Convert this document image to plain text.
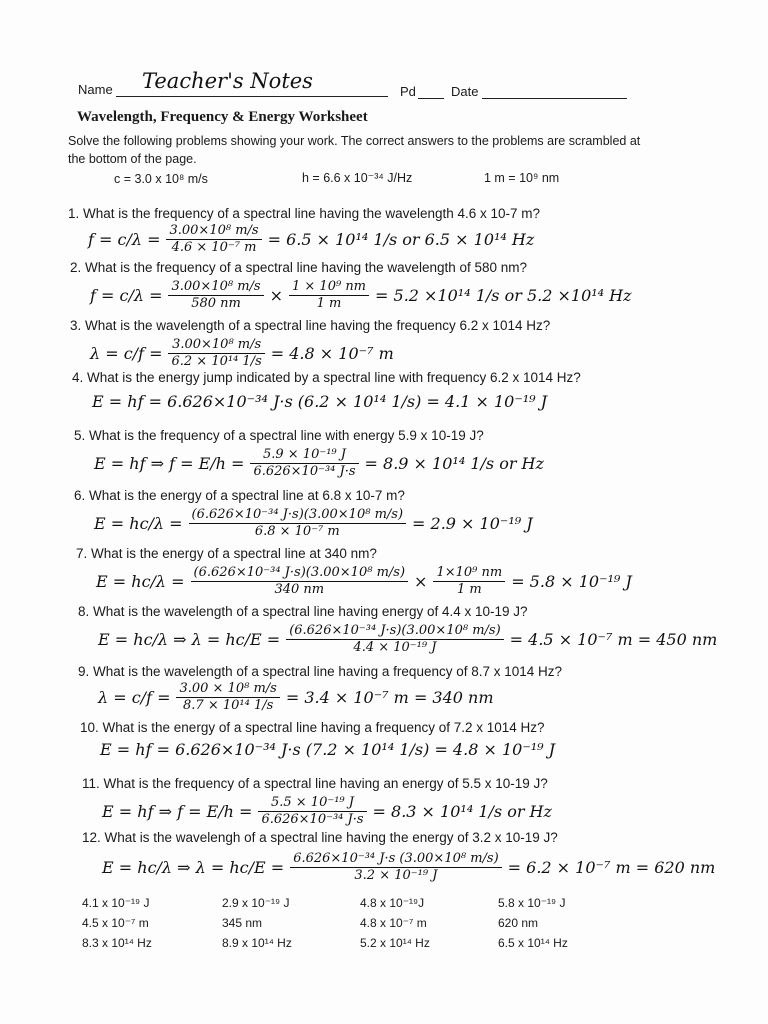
Name Teacher's Notes	Pd	Date
Wavelength, Frequency & Energy Worksheet
Solve the following problems showing your work. The correct answers to the problems are scrambled at
the bottom of the page.
c = 3.0 x 10⁸ m/s	h = 6.6 x 10⁻³⁴ J/Hz	1 m = 10⁹ nm
1. What is the frequency of a spectral line having the wavelength 4.6 x 10-7 m?
$f = c/\lambda = \frac{\text{3.00×10⁸ m/s}}{\text{4.6 × 10⁻⁷ m}} = 6.5 \times 10^{14}$ 1/s or 6.5 × 10¹⁴ Hz
2. What is the frequency of a spectral line having the wavelength of 580 nm?
$f = c/\lambda = \frac{\text{3.00×10⁸ m/s}}{580 nm} \times \frac{\text{1 × 10⁹ nm}}{1 m} = 5.2 \times 10^{14}$ 1/s or 5.2 ×10¹⁴ Hz
3. What is the wavelength of a spectral line having the frequency 6.2 x 1014 Hz?
$\lambda = c/f = \frac{\text{3.00×10⁸ m/s}}{\text{6.2 × 10¹⁴ 1/s}} = 4.8 \times 10^{-7}$ m
4. What is the energy jump indicated by a spectral line with frequency 6.2 x 1014 Hz?
E = hf = 6.626×10⁻³⁴ J·s (6.2 × 10¹⁴ 1/s) = 4.1 × 10⁻¹⁹ J
5. What is the frequency of a spectral line with energy 5.9 x 10-19 J?
E = hf ⇒ $f = E/h = \frac{\text{5.9 × 10⁻¹⁹ J}}{\text{6.626×10⁻³⁴ J·s}} = 8.9 \times 10^{14}$ 1/s or Hz
6. What is the energy of a spectral line at 6.8 x 10-7 m?
$E = hc/\lambda = \frac{\text{(6.626×10⁻³⁴ J·s)(3.00×10⁸ m/s)}}{\text{6.8 × 10⁻⁷ m}} = 2.9 \times 10^{-19}$ J
7. What is the energy of a spectral line at 340 nm?
$E = hc/\lambda = \frac{\text{(6.626×10⁻³⁴ J·s)(3.00×10⁸ m/s)}}{340 nm} \times \frac{\text{1×10⁹ nm}}{1 m} = 5.8 \times 10^{-19}$ J
8. What is the wavelength of a spectral line having energy of 4.4 x 10-19 J?
E = hc/λ ⇒ $\lambda = hc/E = \frac{\text{(6.626×10⁻³⁴ J·s)(3.00×10⁸ m/s)}}{\text{4.4 × 10⁻¹⁹ J}} = 4.5 \times 10^{-7}$ m = 450 nm
9. What is the wavelength of a spectral line having a frequency of 8.7 x 1014 Hz?
$\lambda = c/f = \frac{\text{3.00 × 10⁸ m/s}}{\text{8.7 × 10¹⁴ 1/s}} = 3.4 \times 10^{-7}$ m = 340 nm
10. What is the energy of a spectral line having a frequency of 7.2 x 1014 Hz?
E = hf = 6.626×10⁻³⁴ J·s (7.2 × 10¹⁴ 1/s) = 4.8 × 10⁻¹⁹ J
11. What is the frequency of a spectral line having an energy of 5.5 x 10-19 J?
E = hf ⇒ $f = E/h = \frac{\text{5.5 × 10⁻¹⁹ J}}{\text{6.626×10⁻³⁴ J·s}} = 8.3 \times 10^{14}$ 1/s or Hz
12. What is the wavelengh of a spectral line having the energy of 3.2 x 10-19 J?
E = hc/λ ⇒ $\lambda = hc/E = \frac{\text{6.626×10⁻³⁴ J·s (3.00×10⁸ m/s)}}{\text{3.2 × 10⁻¹⁹ J}} = 6.2 \times 10^{-7}$ m = 620 nm
4.1 x 10⁻¹⁹ J	2.9 x 10⁻¹⁹ J	4.8 x 10⁻¹⁹J	5.8 x 10⁻¹⁹ J
4.5 x 10⁻⁷ m	345 nm	4.8 x 10⁻⁷ m	620 nm
8.3 x 10¹⁴ Hz	8.9 x 10¹⁴ Hz	5.2 x 10¹⁴ Hz	6.5 x 10¹⁴ Hz
